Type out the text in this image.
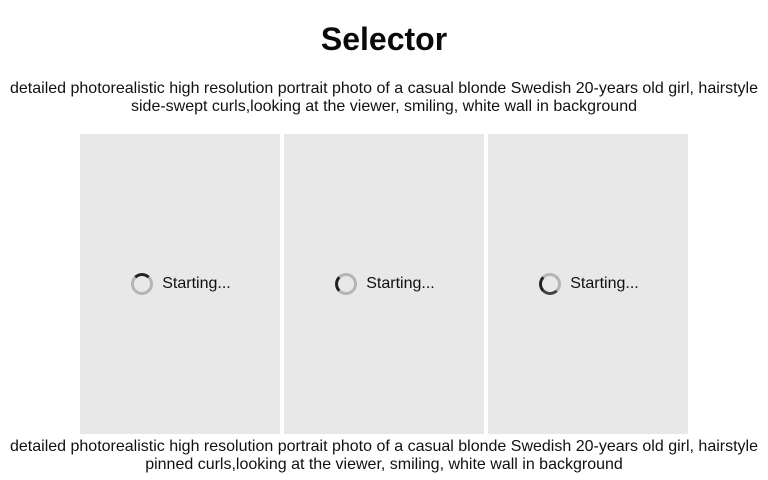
Selector
detailed photorealistic high resolution portrait photo of a casual blonde Swedish 20-years old girl, hairstyle side-swept curls,looking at the viewer, smiling, white wall in background
Starting...	Starting...	Starting...
detailed photorealistic high resolution portrait photo of a casual blonde Swedish 20-years old girl, hairstyle pinned curls,looking at the viewer, smiling, white wall in background
